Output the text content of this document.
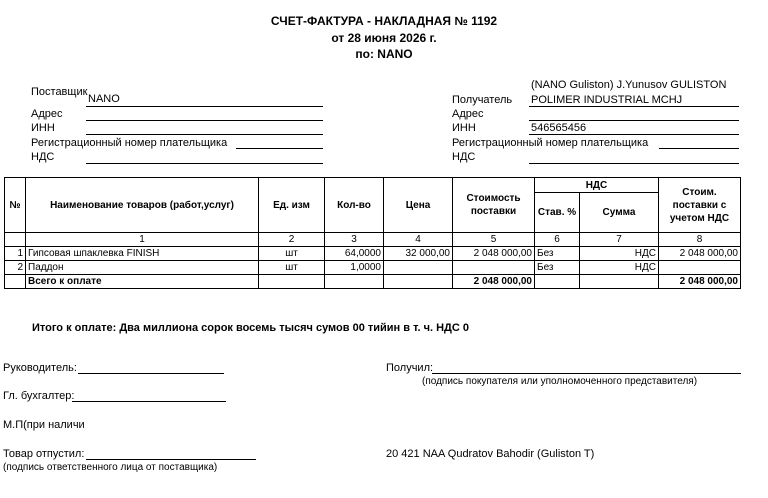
СЧЕТ-ФАКТУРА - НАКЛАДНАЯ № 1192
от 28 июня 2026 г.
по: NANO
Поставщик
NANO
Адрес
ИНН
Регистрационный номер плательщика
НДС
(NANO Guliston) J.Yunusov GULISTON
Получатель POLIMER INDUSTRIAL MCHJ
Адрес
ИНН	546565456
Регистрационный номер плательщика
НДС
№	Наименование товаров (работ,услуг)	Ед. изм	Кол-во	Цена	Стоимость поставки	НДС		Стоим. поставки с учетом НДС
						Став. %	Сумма	
	1	2	3	4	5	6	7	8
1	Гипсовая шпаклевка FINISH	шт	64,0000	32 000,00	2 048 000,00	Без	НДС	2 048 000,00
2	Паддон	шт	1,0000			Без	НДС	
	Всего к оплате				2 048 000,00			2 048 000,00
Итого к оплате: Два миллиона сорок восемь тысяч сумов 00 тийин в т. ч. НДС 0
Руководитель:
Гл. бухгалтер:
М.П(при наличи
Товар отпустил:
(подпись ответственного лица от поставщика)
Получил:
(подпись покупателя или уполномоченного представителя)
20 421 NAA Qudratov Bahodir (Guliston T)
